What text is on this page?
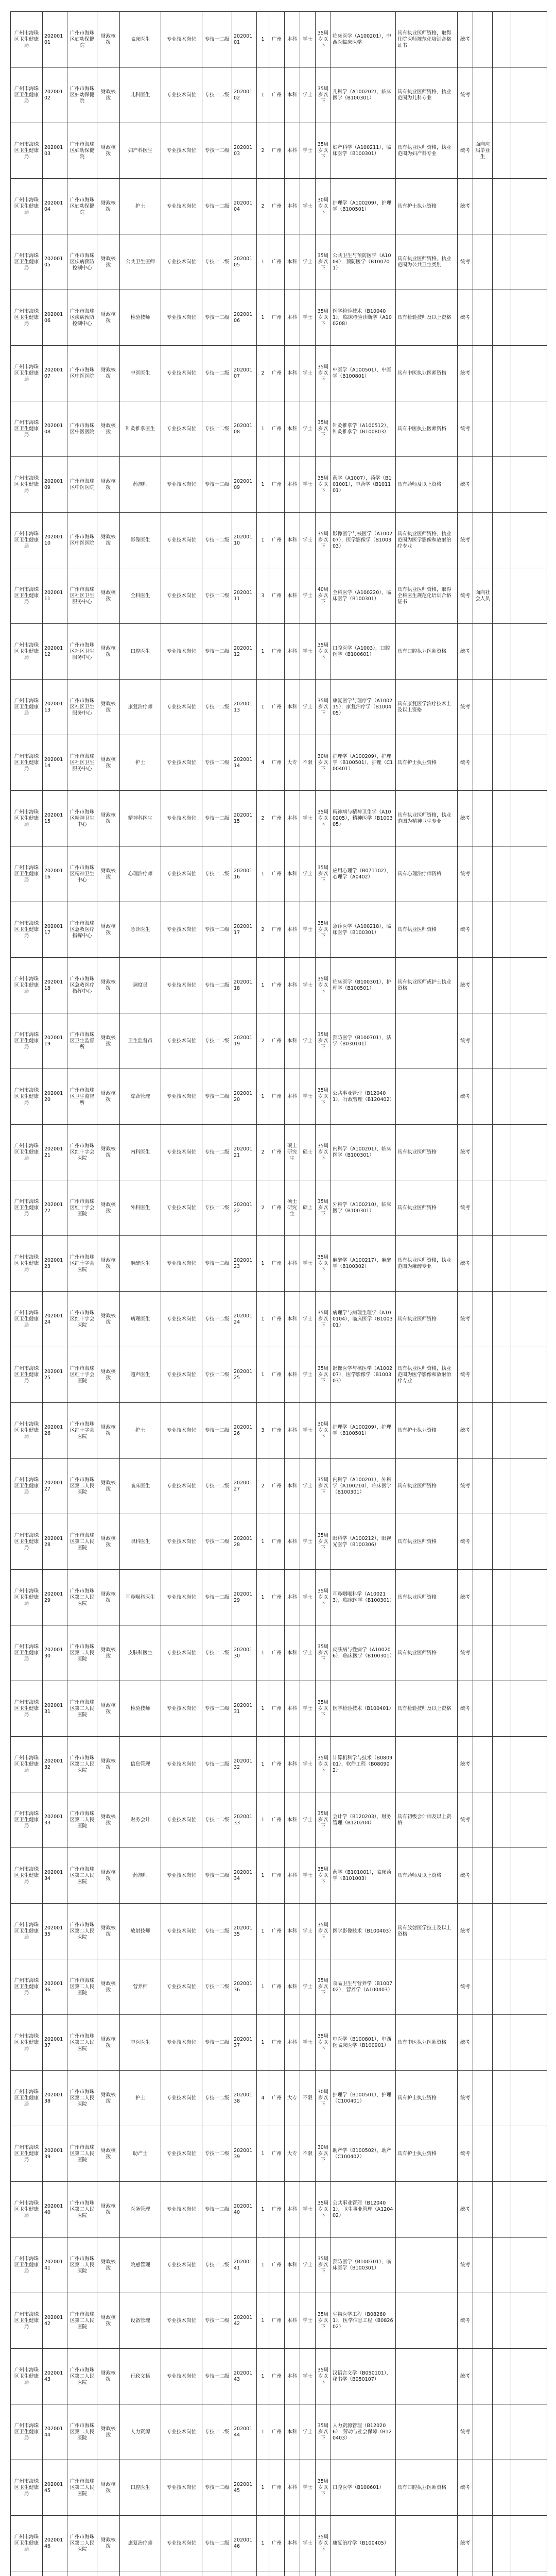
广州市海珠区卫生健康局	20200101	广州市海珠区妇幼保健院	财政核拨	临床医生	专业技术岗位	专技十二级	20200101	1	广州	本科	学士	35周岁以下	临床医学（A100201），中西医临床医学	具有执业医师资格，取得住院医师规范化培训合格证书	统考			
广州市海珠区卫生健康局	20200102	广州市海珠区妇幼保健院	财政核拨	儿科医生	专业技术岗位	专技十二级	20200102	1	广州	本科	学士	35周岁以下	儿科学（A100202），临床医学（B100301）	具有执业医师资格，执业范围为儿科专业	统考			
广州市海珠区卫生健康局	20200103	广州市海珠区妇幼保健院	财政核拨	妇产科医生	专业技术岗位	专技十二级	20200103	2	广州	本科	学士	35周岁以下	妇产科学（A100211），临床医学（B100301）	具有执业医师资格，执业范围为妇产科专业	统考	面向应届毕业生		
广州市海珠区卫生健康局	20200104	广州市海珠区妇幼保健院	财政核拨	护士	专业技术岗位	专技十二级	20200104	2	广州	本科	学士	30周岁以下	护理学（A100209），护理学（B100501）	具有护士执业资格	统考			
广州市海珠区卫生健康局	20200105	广州市海珠区疾病预防控制中心	财政核拨	公共卫生医师	专业技术岗位	专技十二级	20200105	1	广州	本科	学士	35周岁以下	公共卫生与预防医学（A1004），预防医学（B100701）	具有执业医师资格，执业范围为公共卫生类别	统考			
广州市海珠区卫生健康局	20200106	广州市海珠区疾病预防控制中心	财政核拨	检验技师	专业技术岗位	专技十二级	20200106	1	广州	本科	学士	35周岁以下	医学检验技术（B100401），临床检验诊断学（A100208）	具有检验技师及以上资格	统考			
广州市海珠区卫生健康局	20200107	广州市海珠区中医医院	财政核拨	中医医生	专业技术岗位	专技十二级	20200107	2	广州	本科	学士	35周岁以下	中医学（A100501），中医学（B100801）	具有中医执业医师资格	统考			
广州市海珠区卫生健康局	20200108	广州市海珠区中医医院	财政核拨	针灸推拿医生	专业技术岗位	专技十二级	20200108	1	广州	本科	学士	35周岁以下	针灸推拿学（A100512），针灸推拿学（B100803）	具有中医执业医师资格	统考			
广州市海珠区卫生健康局	20200109	广州市海珠区中医医院	财政核拨	药剂师	专业技术岗位	专技十二级	20200109	1	广州	本科	学士	35周岁以下	药学（A1007），药学（B101001），中药学（B101101）	具有药师及以上资格	统考			
广州市海珠区卫生健康局	20200110	广州市海珠区中医医院	财政核拨	影像医生	专业技术岗位	专技十二级	20200110	1	广州	本科	学士	35周岁以下	影像医学与核医学（A100207），医学影像学（B100303）	具有执业医师资格，执业范围为医学影像和放射治疗专业	统考			
广州市海珠区卫生健康局	20200111	广州市海珠区社区卫生服务中心	财政核拨	全科医生	专业技术岗位	专技十二级	20200111	3	广州	本科	学士	40周岁以下	全科医学（A100220），临床医学（B100301）	具有执业医师资格，取得全科医生规范化培训合格证书	统考	面向社会人员		
广州市海珠区卫生健康局	20200112	广州市海珠区社区卫生服务中心	财政核拨	口腔医生	专业技术岗位	专技十二级	20200112	1	广州	本科	学士	35周岁以下	口腔医学（A1003），口腔医学（B100601）	具有口腔执业医师资格	统考			
广州市海珠区卫生健康局	20200113	广州市海珠区社区卫生服务中心	财政核拨	康复治疗师	专业技术岗位	专技十二级	20200113	1	广州	本科	学士	35周岁以下	康复医学与理疗学（A100215），康复治疗学（B100405）	具有康复医学治疗技术士及以上资格	统考			
广州市海珠区卫生健康局	20200114	广州市海珠区社区卫生服务中心	财政核拨	护士	专业技术岗位	专技十二级	20200114	4	广州	大专	不限	30周岁以下	护理学（A100209），护理学（B100501），护理（C100401）	具有护士执业资格	统考			
广州市海珠区卫生健康局	20200115	广州市海珠区精神卫生中心	财政核拨	精神科医生	专业技术岗位	专技十二级	20200115	2	广州	本科	学士	35周岁以下	精神病与精神卫生学（A100205），精神医学（B100305）	具有执业医师资格，执业范围为精神卫生专业	统考			
广州市海珠区卫生健康局	20200116	广州市海珠区精神卫生中心	财政核拨	心理治疗师	专业技术岗位	专技十二级	20200116	1	广州	本科	学士	35周岁以下	应用心理学（B071102），心理学（A0402）	具有心理治疗师资格	统考			
广州市海珠区卫生健康局	20200117	广州市海珠区急救医疗指挥中心	财政核拨	急诊医生	专业技术岗位	专技十二级	20200117	2	广州	本科	学士	35周岁以下	急诊医学（A100218），临床医学（B100301）	具有执业医师资格	统考			
广州市海珠区卫生健康局	20200118	广州市海珠区急救医疗指挥中心	财政核拨	调度员	专业技术岗位	专技十二级	20200118	1	广州	本科	学士	35周岁以下	临床医学（B100301），护理学（B100501）	具有执业医师或护士执业资格	统考			
广州市海珠区卫生健康局	20200119	广州市海珠区卫生监督所	财政核拨	卫生监督员	专业技术岗位	专技十二级	20200119	2	广州	本科	学士	35周岁以下	预防医学（B100701），法学（B030101）		统考			
广州市海珠区卫生健康局	20200120	广州市海珠区卫生监督所	财政核拨	综合管理	专业技术岗位	专技十二级	20200120	1	广州	本科	学士	35周岁以下	公共事业管理（B120401），行政管理（B120402）		统考			
广州市海珠区卫生健康局	20200121	广州市海珠区红十字会医院	财政核拨	内科医生	专业技术岗位	专技十二级	20200121	2	广州	硕士研究生	硕士	35周岁以下	内科学（A100201），临床医学（B100301）	具有执业医师资格	统考			
广州市海珠区卫生健康局	20200122	广州市海珠区红十字会医院	财政核拨	外科医生	专业技术岗位	专技十二级	20200122	2	广州	硕士研究生	硕士	35周岁以下	外科学（A100210），临床医学（B100301）	具有执业医师资格	统考			
广州市海珠区卫生健康局	20200123	广州市海珠区红十字会医院	财政核拨	麻醉医生	专业技术岗位	专技十二级	20200123	1	广州	本科	学士	35周岁以下	麻醉学（A100217），麻醉学（B100302）	具有执业医师资格，执业范围为麻醉专业	统考			
广州市海珠区卫生健康局	20200124	广州市海珠区红十字会医院	财政核拨	病理医生	专业技术岗位	专技十二级	20200124	1	广州	本科	学士	35周岁以下	病理学与病理生理学（A100104），临床医学（B100301）	具有执业医师资格	统考			
广州市海珠区卫生健康局	20200125	广州市海珠区红十字会医院	财政核拨	超声医生	专业技术岗位	专技十二级	20200125	1	广州	本科	学士	35周岁以下	影像医学与核医学（A100207），医学影像学（B100303）	具有执业医师资格，执业范围为医学影像和放射治疗专业	统考			
广州市海珠区卫生健康局	20200126	广州市海珠区红十字会医院	财政核拨	护士	专业技术岗位	专技十二级	20200126	3	广州	本科	学士	30周岁以下	护理学（A100209），护理学（B100501）	具有护士执业资格	统考			
广州市海珠区卫生健康局	20200127	广州市海珠区第二人民医院	财政核拨	临床医生	专业技术岗位	专技十二级	20200127	2	广州	本科	学士	35周岁以下	内科学（A100201），外科学（A100210），临床医学（B100301）	具有执业医师资格	统考			
广州市海珠区卫生健康局	20200128	广州市海珠区第二人民医院	财政核拨	眼科医生	专业技术岗位	专技十二级	20200128	1	广州	本科	学士	35周岁以下	眼科学（A100212），眼视光医学（B100306）	具有执业医师资格	统考			
广州市海珠区卫生健康局	20200129	广州市海珠区第二人民医院	财政核拨	耳鼻喉科医生	专业技术岗位	专技十二级	20200129	1	广州	本科	学士	35周岁以下	耳鼻咽喉科学（A100213），临床医学（B100301）	具有执业医师资格	统考			
广州市海珠区卫生健康局	20200130	广州市海珠区第二人民医院	财政核拨	皮肤科医生	专业技术岗位	专技十二级	20200130	1	广州	本科	学士	35周岁以下	皮肤病与性病学（A100206），临床医学（B100301）	具有执业医师资格	统考			
广州市海珠区卫生健康局	20200131	广州市海珠区第二人民医院	财政核拨	检验技师	专业技术岗位	专技十二级	20200131	1	广州	本科	学士	35周岁以下	医学检验技术（B100401）	具有检验技师及以上资格	统考			
广州市海珠区卫生健康局	20200132	广州市海珠区第二人民医院	财政核拨	信息管理	专业技术岗位	专技十二级	20200132	1	广州	本科	学士	35周岁以下	计算机科学与技术（B080901），软件工程（B080902）		统考			
广州市海珠区卫生健康局	20200133	广州市海珠区第二人民医院	财政核拨	财务会计	专业技术岗位	专技十二级	20200133	1	广州	本科	学士	35周岁以下	会计学（B120203），财务管理（B120204）	具有初级会计师及以上资格	统考			
广州市海珠区卫生健康局	20200134	广州市海珠区第二人民医院	财政核拨	药剂师	专业技术岗位	专技十二级	20200134	1	广州	本科	学士	35周岁以下	药学（B101001），临床药学（B101003）	具有药师及以上资格	统考			
广州市海珠区卫生健康局	20200135	广州市海珠区第二人民医院	财政核拨	放射技师	专业技术岗位	专技十二级	20200135	1	广州	本科	学士	35周岁以下	医学影像技术（B100403）	具有放射医学技士及以上资格	统考			
广州市海珠区卫生健康局	20200136	广州市海珠区第二人民医院	财政核拨	营养师	专业技术岗位	专技十二级	20200136	1	广州	本科	学士	35周岁以下	食品卫生与营养学（B100702），营养学（A100403）		统考			
广州市海珠区卫生健康局	20200137	广州市海珠区第二人民医院	财政核拨	中医医生	专业技术岗位	专技十二级	20200137	1	广州	本科	学士	35周岁以下	中医学（B100801），中西医临床医学（B100901）	具有中医执业医师资格	统考			
广州市海珠区卫生健康局	20200138	广州市海珠区第二人民医院	财政核拨	护士	专业技术岗位	专技十二级	20200138	4	广州	大专	不限	30周岁以下	护理学（B100501），护理（C100401）	具有护士执业资格	统考			
广州市海珠区卫生健康局	20200139	广州市海珠区第二人民医院	财政核拨	助产士	专业技术岗位	专技十二级	20200139	1	广州	大专	不限	30周岁以下	助产学（B100502），助产（C100402）	具有护士执业资格	统考			
广州市海珠区卫生健康局	20200140	广州市海珠区第二人民医院	财政核拨	医务管理	专业技术岗位	专技十二级	20200140	1	广州	本科	学士	35周岁以下	公共事业管理（B120401），卫生事业管理（A120402）		统考			
广州市海珠区卫生健康局	20200141	广州市海珠区第二人民医院	财政核拨	院感管理	专业技术岗位	专技十二级	20200141	1	广州	本科	学士	35周岁以下	预防医学（B100701），临床医学（B100301）		统考			
广州市海珠区卫生健康局	20200142	广州市海珠区第二人民医院	财政核拨	设备管理	专业技术岗位	专技十二级	20200142	1	广州	本科	学士	35周岁以下	生物医学工程（B082601），医学信息工程（B082602）		统考			
广州市海珠区卫生健康局	20200143	广州市海珠区第二人民医院	财政核拨	行政文秘	专业技术岗位	专技十二级	20200143	1	广州	本科	学士	35周岁以下	汉语言文学（B050101），秘书学（B050107）		统考			
广州市海珠区卫生健康局	20200144	广州市海珠区第二人民医院	财政核拨	人力资源	专业技术岗位	专技十二级	20200144	1	广州	本科	学士	35周岁以下	人力资源管理（B120206），劳动与社会保障（B120403）		统考			
广州市海珠区卫生健康局	20200145	广州市海珠区第二人民医院	财政核拨	口腔医生	专业技术岗位	专技十二级	20200145	1	广州	本科	学士	35周岁以下	口腔医学（B100601）	具有口腔执业医师资格	统考			
广州市海珠区卫生健康局	20200146	广州市海珠区第二人民医院	财政核拨	康复治疗师	专业技术岗位	专技十二级	20200146	1	广州	本科	学士	35周岁以下	康复治疗学（B100405）		统考			
